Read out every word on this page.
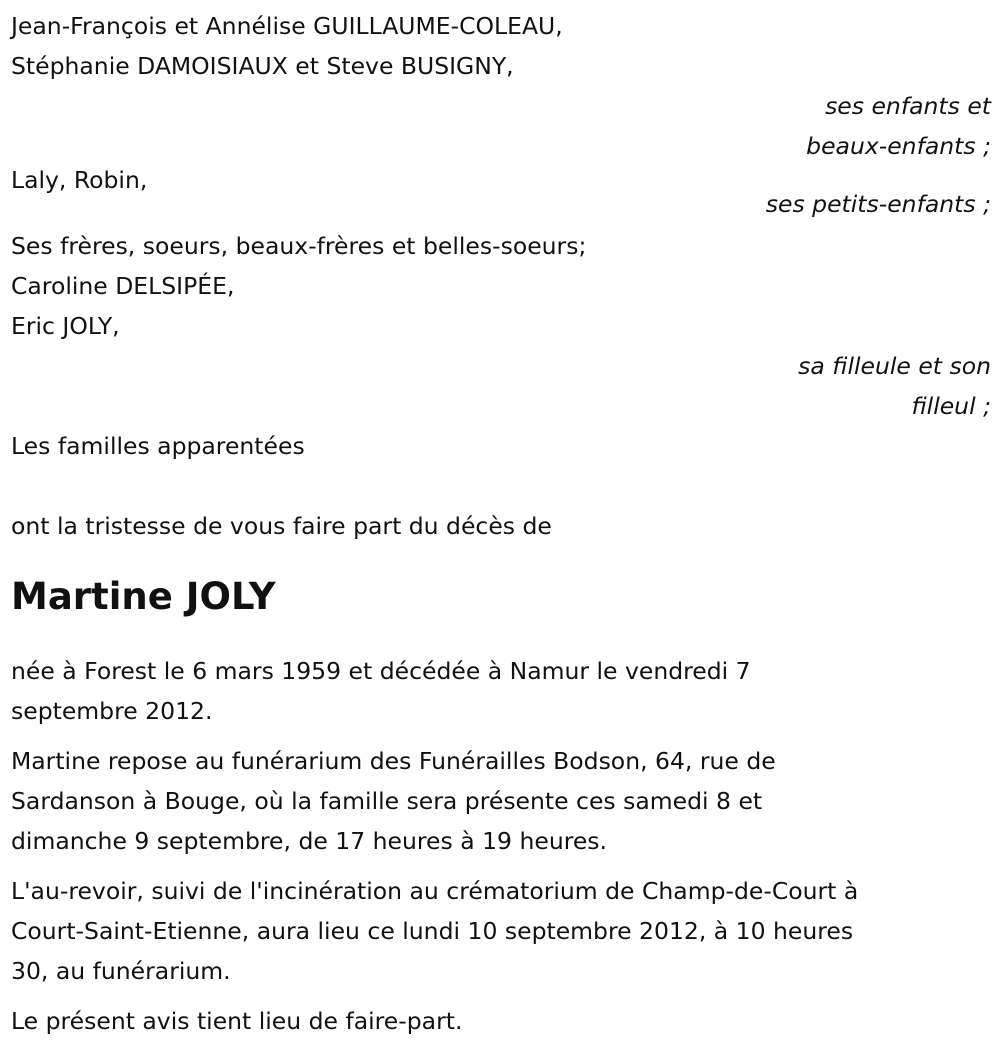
Jean-François et Annélise GUILLAUME-COLEAU,
Stéphanie DAMOISIAUX et Steve BUSIGNY,
ses enfants et
beaux-enfants ;
Laly, Robin,
ses petits-enfants ;
Ses frères, soeurs, beaux-frères et belles-soeurs;
Caroline DELSIPÉE,
Eric JOLY,
sa filleule et son
filleul ;
Les familles apparentées
ont la tristesse de vous faire part du décès de
Martine JOLY
née à Forest le 6 mars 1959 et décédée à Namur le vendredi 7
septembre 2012.
Martine repose au funérarium des Funérailles Bodson, 64, rue de
Sardanson à Bouge, où la famille sera présente ces samedi 8 et
dimanche 9 septembre, de 17 heures à 19 heures.
L'au-revoir, suivi de l'incinération au crématorium de Champ-de-Court à
Court-Saint-Etienne, aura lieu ce lundi 10 septembre 2012, à 10 heures
30, au funérarium.
Le présent avis tient lieu de faire-part.
